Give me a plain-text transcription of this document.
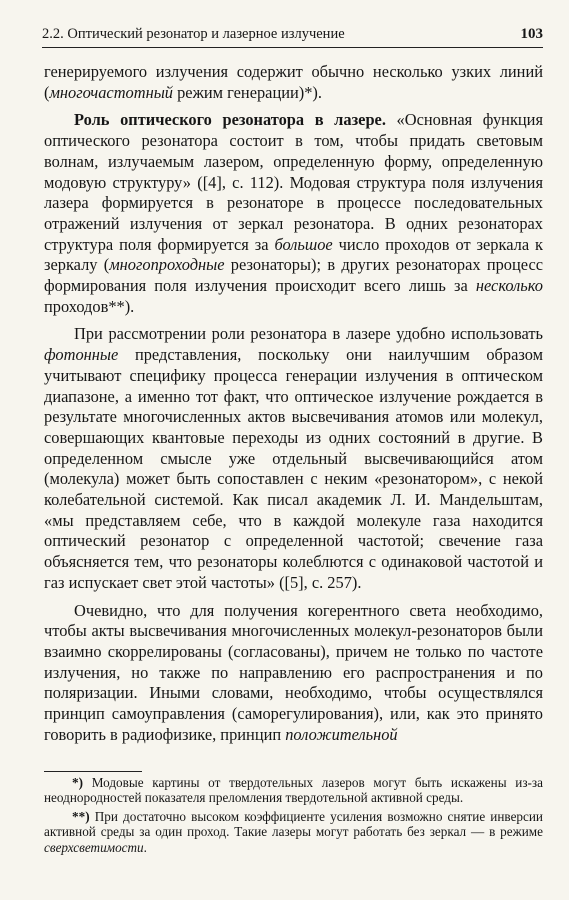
2.2. Оптический резонатор и лазерное излучение	103

генерируемого излучения содержит обычно несколько узких линий (многочастотный режим генерации)*).

Роль оптического резонатора в лазере. «Основная функция оптического резонатора состоит в том, чтобы придать световым волнам, излучаемым лазером, определенную форму, определенную модовую структуру» ([4], с. 112). Модовая структура поля излучения лазера формируется в резонаторе в процессе последовательных отражений излучения от зеркал резонатора. В одних резонаторах структура поля формируется за большое число проходов от зеркала к зеркалу (многопроходные резонаторы); в других резонаторах процесс формирования поля излучения происходит всего лишь за несколько проходов**).

При рассмотрении роли резонатора в лазере удобно использовать фотонные представления, поскольку они наилучшим образом учитывают специфику процесса генерации излучения в оптическом диапазоне, а именно тот факт, что оптическое излучение рождается в результате многочисленных актов высвечивания атомов или молекул, совершающих квантовые переходы из одних состояний в другие. В определенном смысле уже отдельный высвечивающийся атом (молекула) может быть сопоставлен с неким «резонатором», с некой колебательной системой. Как писал академик Л. И. Мандельштам, «мы представляем себе, что в каждой молекуле газа находится оптический резонатор с определенной частотой; свечение газа объясняется тем, что резонаторы колеблются с одинаковой частотой и газ испускает свет этой частоты» ([5], с. 257).

Очевидно, что для получения когерентного света необходимо, чтобы акты высвечивания многочисленных молекул-резонаторов были взаимно скоррелированы (согласованы), причем не только по частоте излучения, но также по направлению его распространения и по поляризации. Иными словами, необходимо, чтобы осуществлялся принцип самоуправления (саморегулирования), или, как это принято говорить в радиофизике, принцип положительной

*) Модовые картины от твердотельных лазеров могут быть искажены из-за неоднородностей показателя преломления твердотельной активной среды.

**) При достаточно высоком коэффициенте усиления возможно снятие инверсии активной среды за один проход. Такие лазеры могут работать без зеркал — в режиме сверхсветимости.
